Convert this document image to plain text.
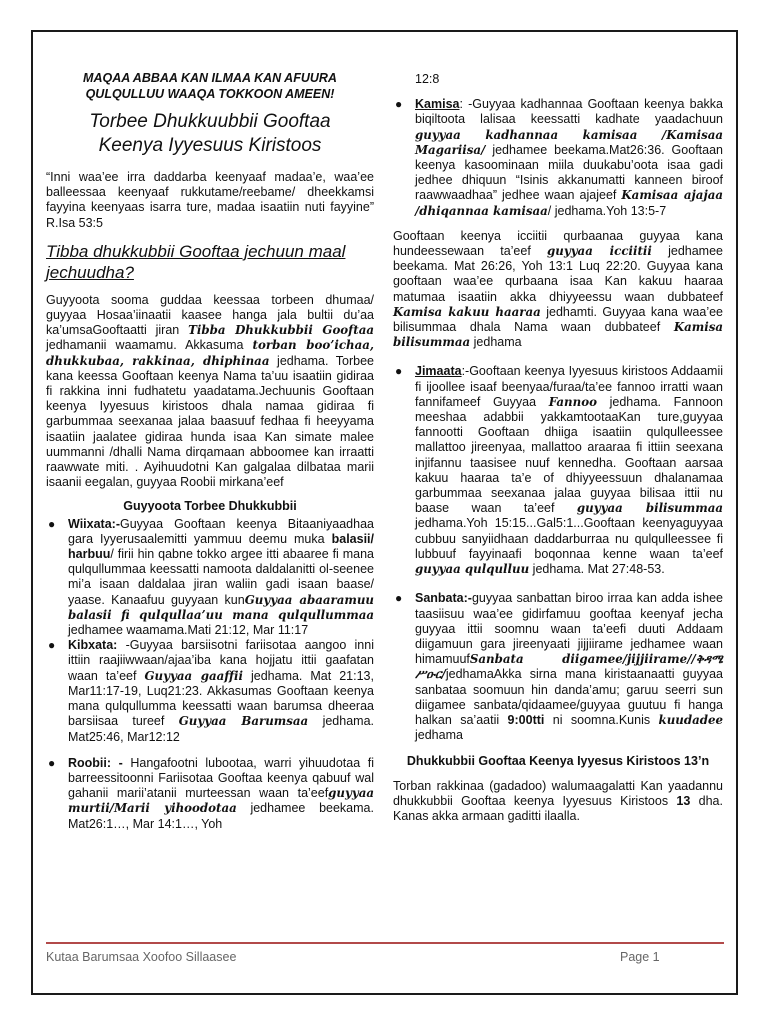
MAQAA ABBAA KAN ILMAA KAN AFUURA
QULQULLUU WAAQA TOKKOON AMEEN!
Torbee Dhukkuubbii Gooftaa
Keenya Iyyesuus Kiristoos

“Inni waa’ee irra daddarba keenyaaf madaa’e, waa’ee balleessaa keenyaaf rukkutame/reebame/ dheekkamsi fayyina keenyaas isarra ture, madaa isaatiin nuti fayyine” R.Isa 53:5

Tibba dhukkubbii Gooftaa jechuun maal jechuudha?

Guyyoota sooma guddaa keessaa torbeen dhumaa/ guyyaa Hosaa’iinaatii kaasee hanga jala bultii du’aa ka’umsaGooftaatti jiran Tibba Dhukkubbii Gooftaa jedhamanii waamamu. Akkasuma torban boo’ichaa, dhukkubaa, rakkinaa, dhiphinaa jedhama. Torbee kana keessa Gooftaan keenya Nama ta’uu isaatiin gidiraa fi rakkina inni fudhatetu yaadatama.Jechuunis Gooftaan keenya Iyyesuus kiristoos dhala namaa gidiraa fi garbummaa seexanaa jalaa baasuuf fedhaa fi heeyyama isaatiin jaalatee gidiraa hunda isaa Kan simate malee uummanni /dhalli Nama dirqamaan abboomee kan irraatti raawwate miti. . Ayihuudotni Kan galgalaa dilbataa marii isaanii eegalan, guyyaa Roobii mirkana’eef

Guyyoota Torbee Dhukkubbii
● Wiixata:-Guyyaa Gooftaan keenya Bitaaniyaadhaa gara Iyyerusaalemitti yammuu deemu muka balasii/ harbuu/ firii hin qabne tokko argee itti abaaree fi mana qulqullummaa keessatti namoota daldalanitti ol-seenee mi’a isaan daldalaa jiran waliin gadi isaan baase/ yaase. Kanaafuu guyyaan kunGuyyaa abaaramuu balasii fi qulqullaa’uu mana qulqullummaa jedhamee waamama.Mati 21:12, Mar 11:17
● Kibxata: -Guyyaa barsiisotni fariisotaa aangoo inni ittiin raajiiwwaan/ajaa’iba kana hojjatu ittii gaafatan waan ta’eef Guyyaa gaaffii jedhama. Mat 21:13, Mar11:17-19, Luq21:23. Akkasumas Gooftaan keenya mana qulqullumma keessatti waan barumsa dheeraa barsiisaa tureef Guyyaa Barumsaa jedhama. Mat25:46, Mar12:12
● Roobii: - Hangafootni lubootaa, warri yihuudotaa fi barreessitoonni Fariisotaa Gooftaa keenya qabuuf wal gahanii marii’atanii murteessan waan ta’eefguyyaa murtii/Marii yihoodotaa jedhamee beekama. Mat26:1…, Mar 14:1…, Yoh
12:8
● Kamisa: -Guyyaa kadhannaa Gooftaan keenya bakka biqiltoota lalisaa keessatti kadhate yaadachuun guyyaa kadhannaa kamisaa /Kamisaa Magariisa/ jedhamee beekama.Mat26:36. Gooftaan keenya kasoominaan miila duukabu’oota isaa gadi jedhee dhiquun “Isinis akkanumatti kanneen biroof raawwaadhaa” jedhee waan ajajeef Kamisaa ajajaa /dhiqannaa kamisaa/ jedhama.Yoh 13:5-7

Gooftaan keenya icciitii qurbaanaa guyyaa kana hundeessewaan ta’eef guyyaa icciitii jedhamee beekama. Mat 26:26, Yoh 13:1 Luq 22:20. Guyyaa kana gooftaan waa’ee qurbaana isaa Kan kakuu haaraa matumaa isaatiin akka dhiyyeessu waan dubbateef Kamisa kakuu haaraa jedhamti. Guyyaa kana waa’ee bilisummaa dhala Nama waan dubbateef Kamisa bilisummaa jedhama

● Jimaata:-Gooftaan keenya Iyyesuus kiristoos Addaamii fi ijoollee isaaf beenyaa/furaa/ta’ee fannoo irratti waan fannifameef Guyyaa Fannoo jedhama. Fannoon meeshaa adabbii yakkamtootaaKan ture,guyyaa fannootti Gooftaan dhiiga isaatiin qulqulleessee mallattoo jireenyaa, mallattoo araaraa fi ittiin seexana injifannu taasisee nuuf kennedha. Gooftaan aarsaa kakuu haaraa ta’e of dhiyyeessuun dhalanamaa garbummaa seexanaa jalaa guyyaa bilisaa ittii nu baase waan ta’eef guyyaa bilisummaa jedhama.Yoh 15:15...Gal5:1...Gooftaan keenyaguyyaa cubbuu sanyiidhaan daddarburraa nu qulqulleessee fi lubbuuf fayyinaafi boqonnaa kenne waan ta’eef guyyaa qulqulluu jedhama. Mat 27:48-53.
● Sanbata:-guyyaa sanbattan biroo irraa kan adda ishee taasiisuu waa’ee gidirfamuu gooftaa keenyaf jecha guyyaa ittii soomnu waan ta’eefi duuti Addaam diigamuun gara jireenyaati jijjiirame jedhamee waan himamuufSanbata diigamee/jijjiirame//ቅዳሜ ሥዑር/jedhamaAkka sirna mana kiristaanaatti guyyaa sanbataa soomuun hin danda’amu; garuu seerri sun diigamee sanbata/qidaamee/guyyaa guutuu fi hanga halkan sa’aatii 9:00tti ni soomna.Kunis kuudadee jedhama
Dhukkubbii Gooftaa Keenya Iyyesus Kiristoos 13’n

Torban rakkinaa (gadadoo) walumaagalatti Kan yaadannu dhukkubbii Gooftaa keenya Iyyesuus Kiristoos 13 dha. Kanas akka armaan gaditti ilaalla.

Kutaa Barumsaa Xoofoo Sillaasee	Page 1
